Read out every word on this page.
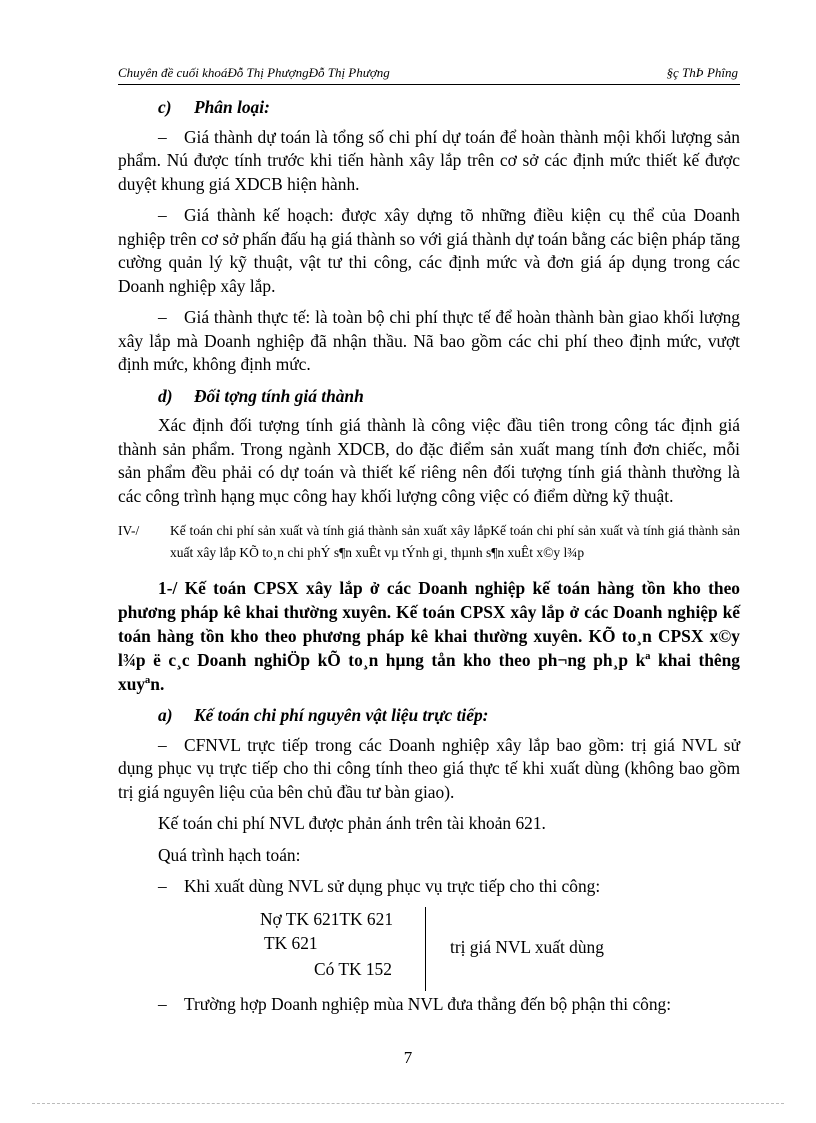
Chuyên đề cuối khoáĐỗ Thị PhượngĐỗ Thị Phượng	§ç ThÞ Phîng
c) Phân loại:

– Giá thành dự toán là tổng số chi phí dự toán để hoàn thành mội khối lượng sản phẩm. Nú được tính trước khi tiến hành xây lắp trên cơ sở các định mức thiết kế được duyệt khung giá XDCB hiện hành.

– Giá thành kế hoạch: được xây dựng tõ những điều kiện cụ thể của Doanh nghiệp trên cơ sở phấn đấu hạ giá thành so với giá thành dự toán bằng các biện pháp tăng cường quản lý kỹ thuật, vật tư thi công, các định mức và đơn giá áp dụng trong các Doanh nghiệp xây lắp.

– Giá thành thực tế: là toàn bộ chi phí thực tế để hoàn thành bàn giao khối lượng xây lắp mà Doanh nghiệp đã nhận thầu. Nã bao gồm các chi phí theo định mức, vượt định mức, không định mức.

d) Đối tợng tính giá thành

Xác định đối tượng tính giá thành là công việc đầu tiên trong công tác định giá thành sản phẩm. Trong ngành XDCB, do đặc điểm sản xuất mang tính đơn chiếc, mỗi sản phẩm đều phải có dự toán và thiết kế riêng nên đối tượng tính giá thành thường là các công trình hạng mục công hay khối lượng công việc có điểm dừng kỹ thuật.

IV-/ Kế toán chi phí sản xuất và tính giá thành sản xuất xây lắpKế toán chi phí sản xuất và tính giá thành sản xuất xây lắp KÕ to¸n chi phÝ s¶n xuÊt vµ tÝnh gi¸ thµnh s¶n xuÊt x©y l¾p

1-/ Kế toán CPSX xây lắp ở các Doanh nghiệp kế toán hàng tồn kho theo phương pháp kê khai thường xuyên. Kế toán CPSX xây lắp ở các Doanh nghiệp kế toán hàng tồn kho theo phương pháp kê khai thường xuyên. KÕ to¸n CPSX x©y l¾p ë c¸c Doanh nghiÖp kÕ to¸n hµng tån kho theo ph¬ng ph¸p kª khai thêng xuyªn.

a) Kế toán chi phí nguyên vật liệu trực tiếp:

– CFNVL trực tiếp trong các Doanh nghiệp xây lắp bao gồm: trị giá NVL sử dụng phục vụ trực tiếp cho thi công tính theo giá thực tế khi xuất dùng (không bao gồm trị giá nguyên liệu của bên chủ đầu tư bàn giao).

Kế toán chi phí NVL được phản ánh trên tài khoản 621.

Quá trình hạch toán:

– Khi xuất dùng NVL sử dụng phục vụ trực tiếp cho thi công:

Nợ TK 621TK 621
TK 621
Có TK 152
trị giá NVL xuất dùng

– Trường hợp Doanh nghiệp mùa NVL đưa thẳng đến bộ phận thi công:

7
